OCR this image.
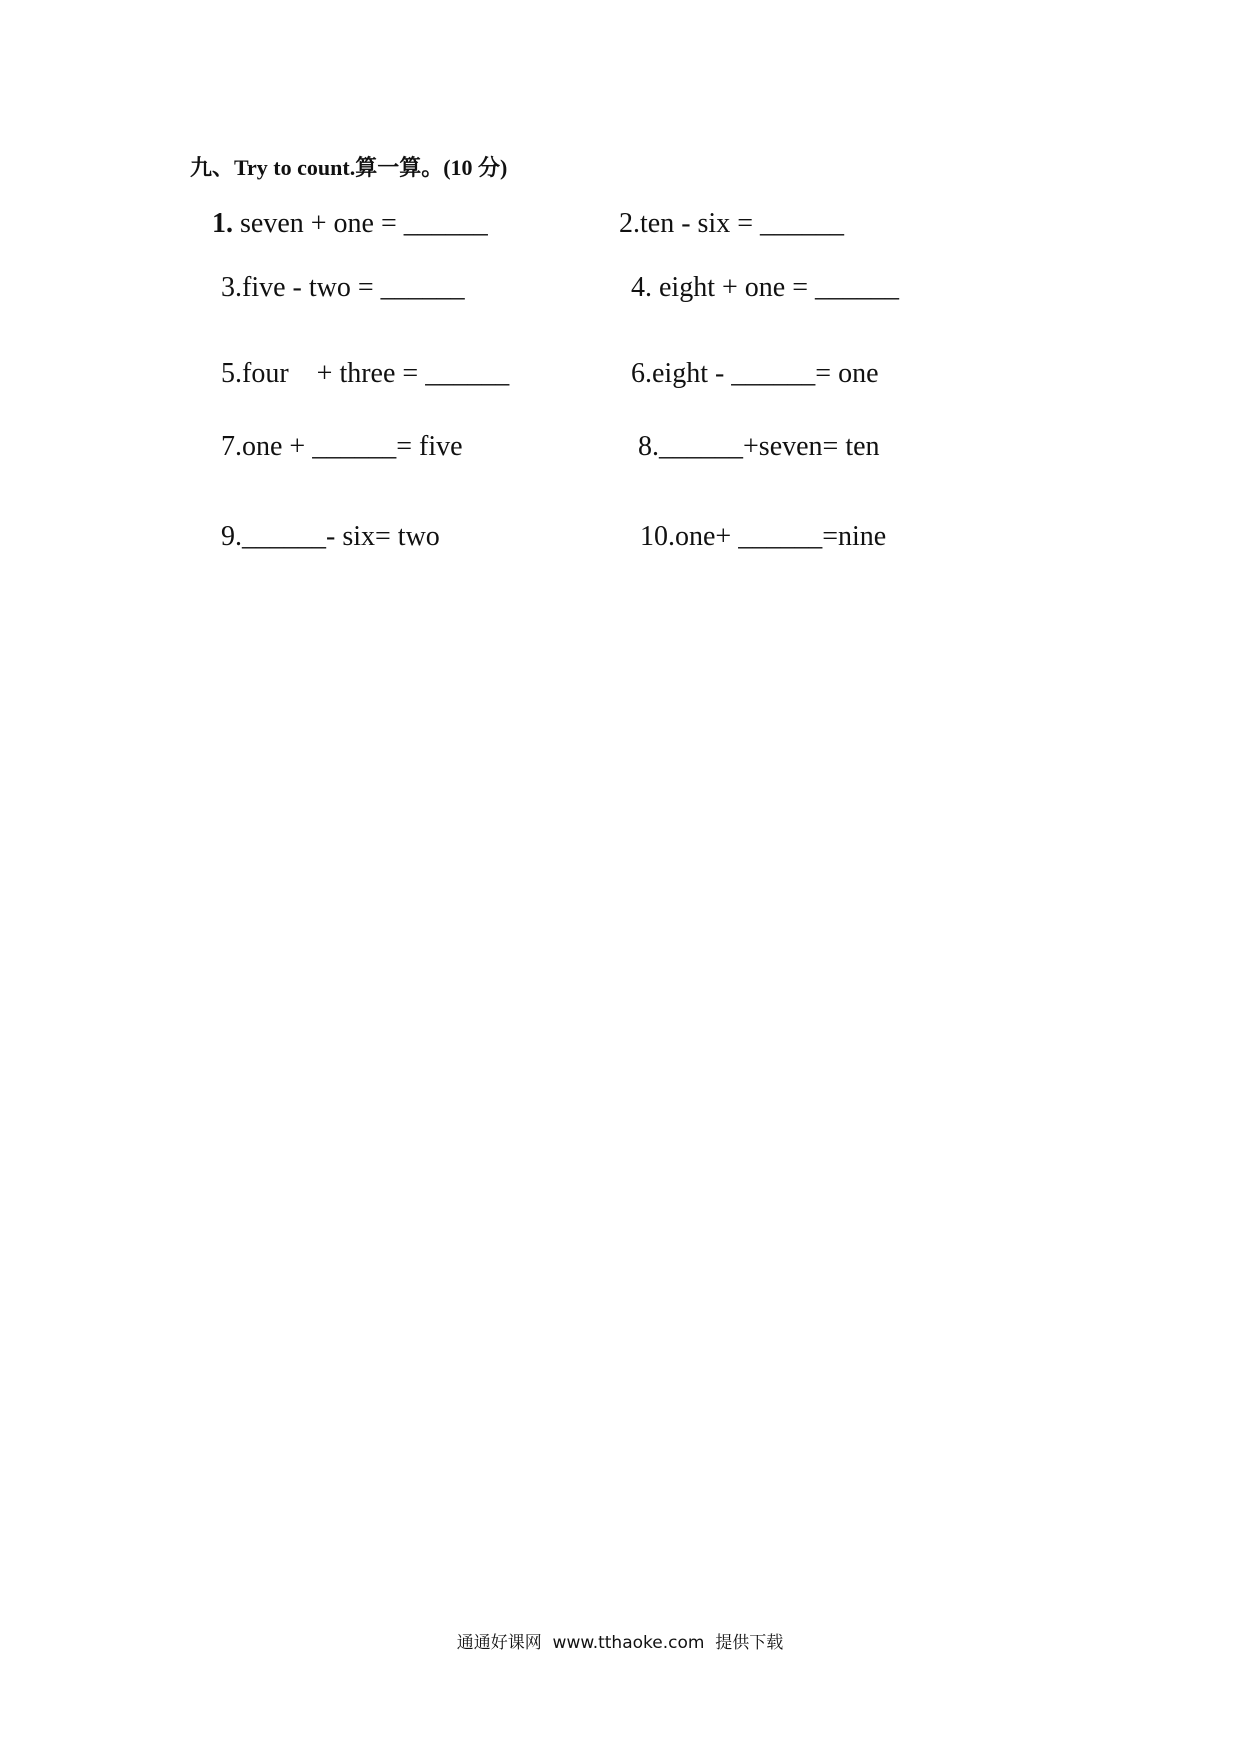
九、Try to count.算一算。(10 分)
1. seven + one = ______	2.ten - six = ______
3.five - two = ______	4. eight + one = ______
5.four    + three = ______	6.eight - ______= one
7.one + ______= five	8.______+seven= ten
9.______- six= two	10.one+ ______=nine
通通好课网  www.tthaoke.com  提供下载
